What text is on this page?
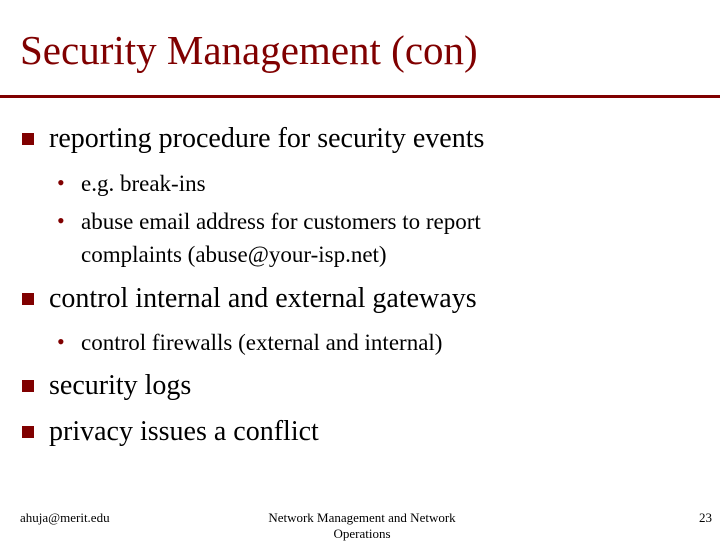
Security Management (con)
reporting procedure for security events
• e.g. break-ins
• abuse email address for customers to report
complaints (abuse@your-isp.net)
control internal and external gateways
• control firewalls (external and internal)
security logs
privacy issues a conflict
ahuja@merit.edu	Network Management and Network
Operations
23
